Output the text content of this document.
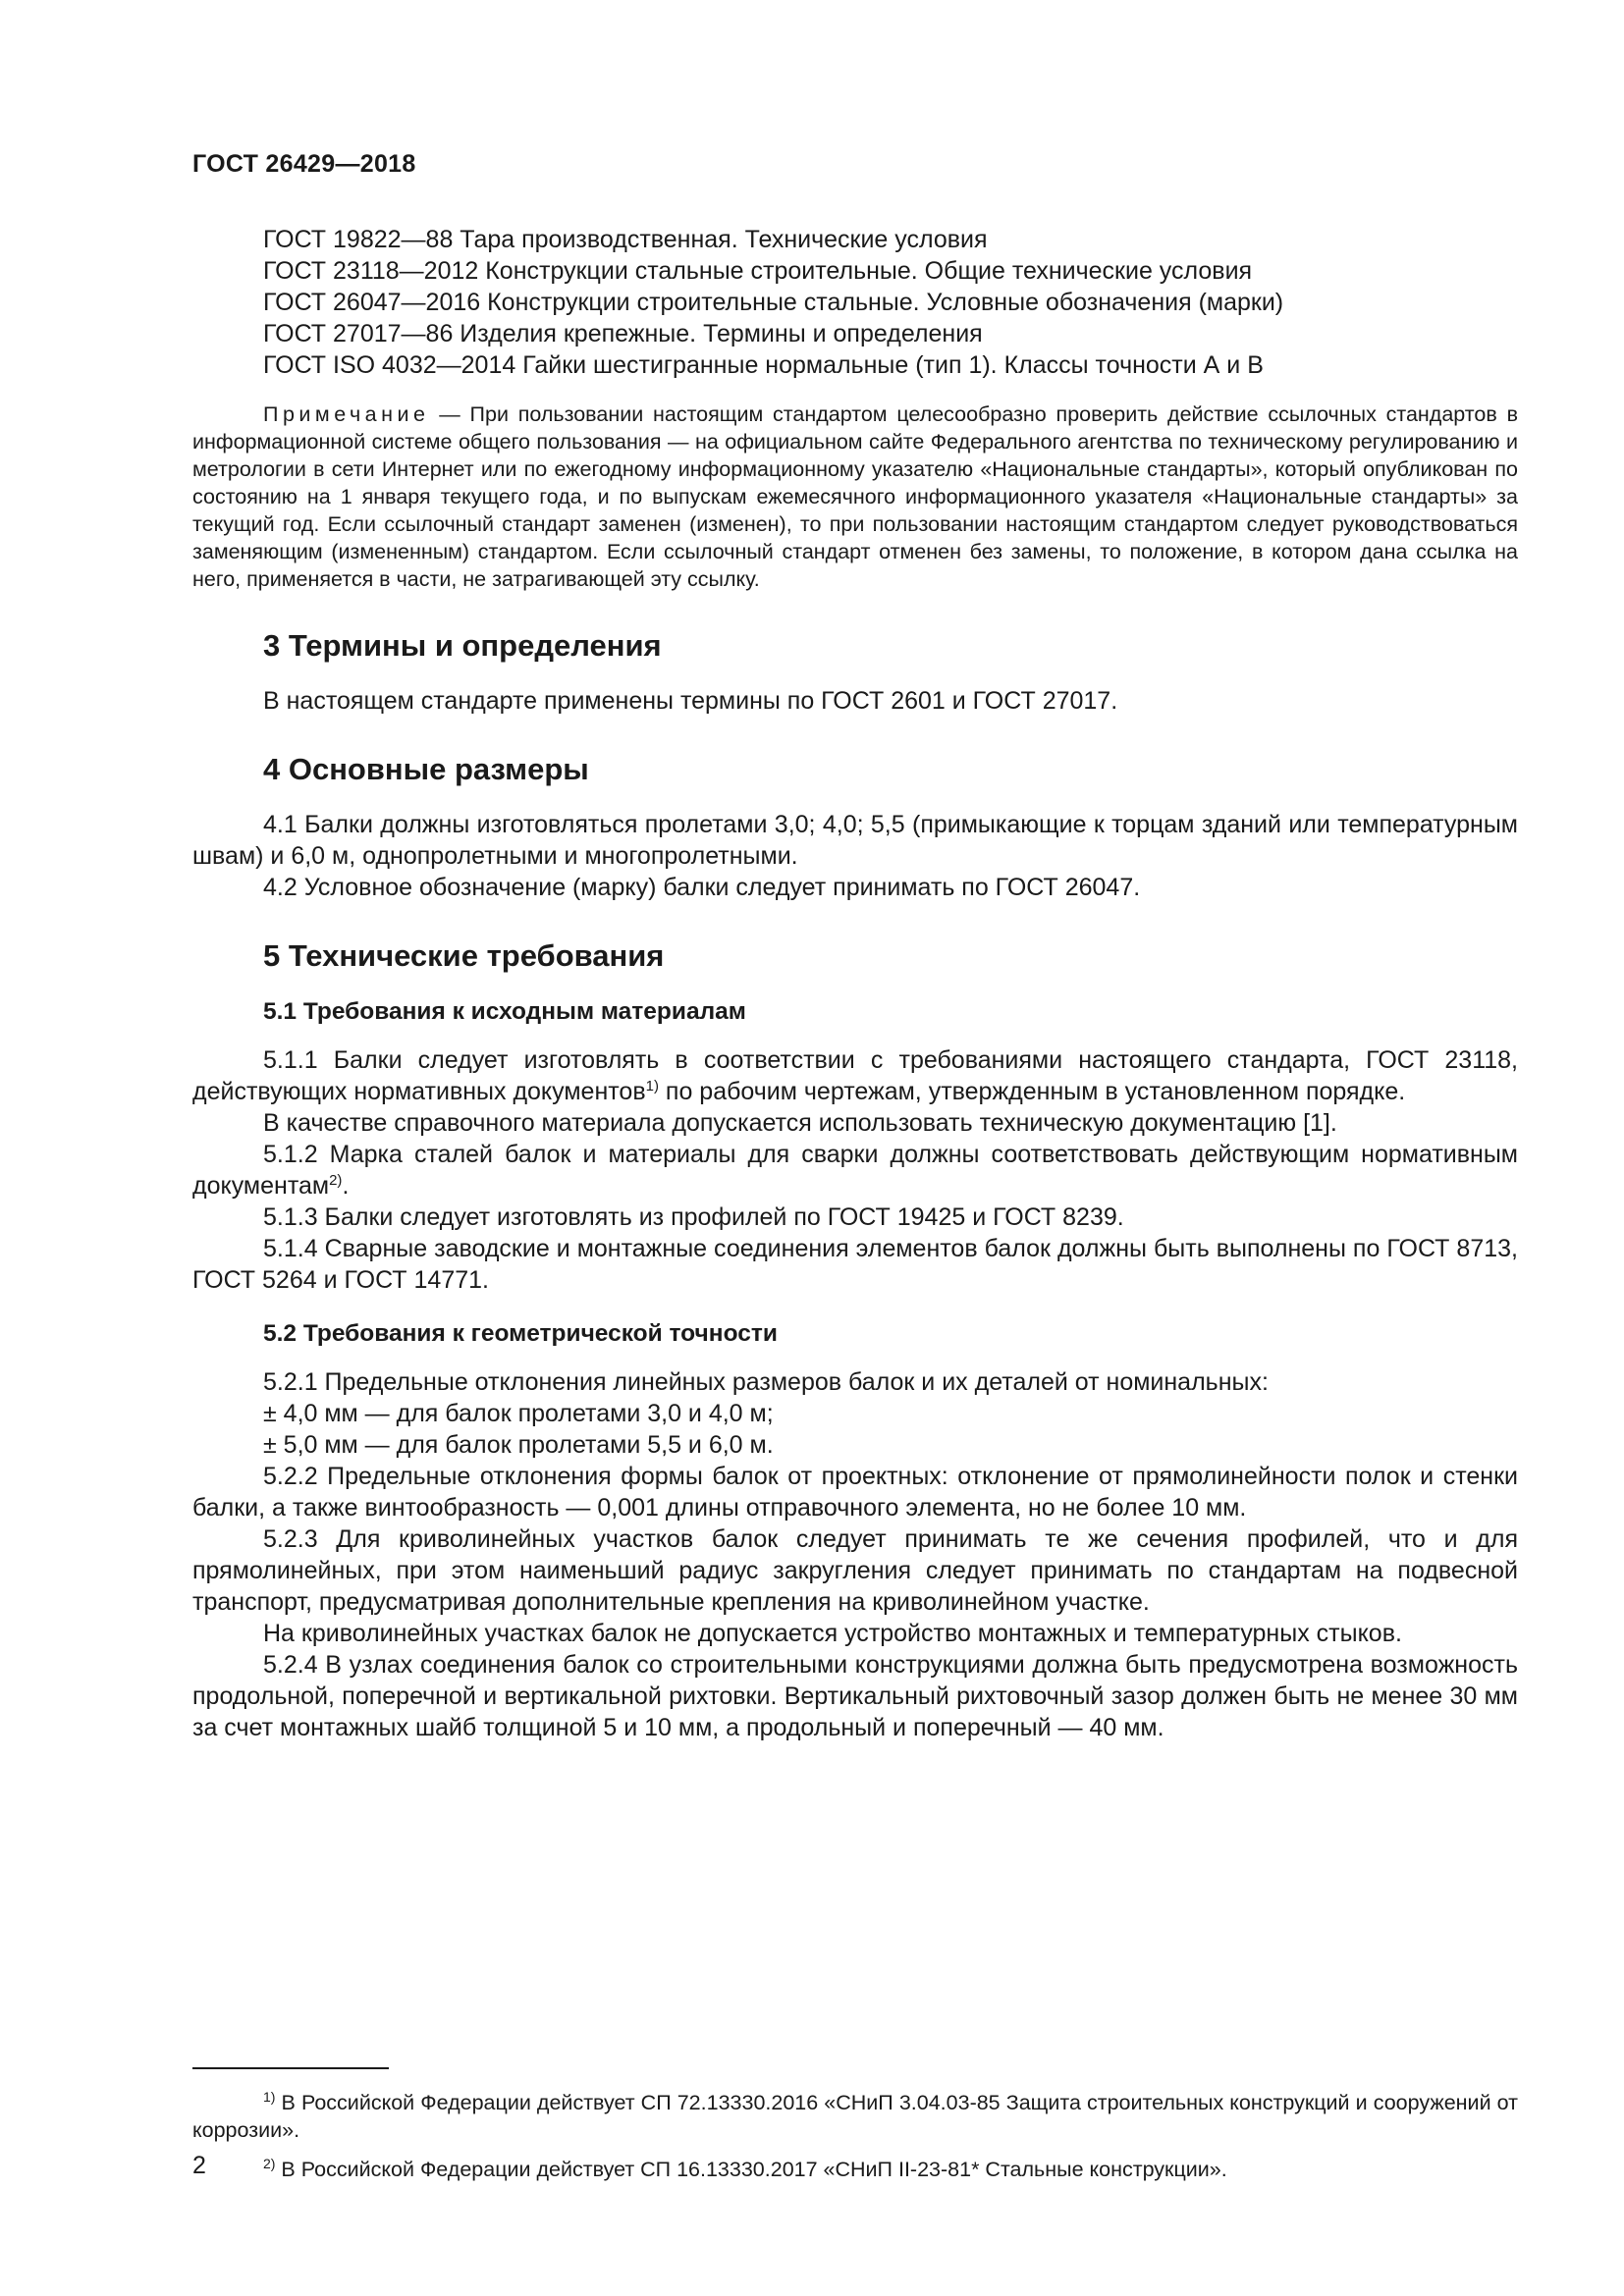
ГОСТ 26429—2018
ГОСТ 19822—88 Тара производственная. Технические условия
ГОСТ 23118—2012 Конструкции стальные строительные. Общие технические условия
ГОСТ 26047—2016 Конструкции строительные стальные. Условные обозначения (марки)
ГОСТ 27017—86 Изделия крепежные. Термины и определения
ГОСТ ISO 4032—2014 Гайки шестигранные нормальные (тип 1). Классы точности А и В

Примечание — При пользовании настоящим стандартом целесообразно проверить действие ссылочных стандартов в информационной системе общего пользования — на официальном сайте Федерального агентства по техническому регулированию и метрологии в сети Интернет или по ежегодному информационному указателю «Национальные стандарты», который опубликован по состоянию на 1 января текущего года, и по выпускам ежемесячного информационного указателя «Национальные стандарты» за текущий год. Если ссылочный стандарт заменен (изменен), то при пользовании настоящим стандартом следует руководствоваться заменяющим (измененным) стандартом. Если ссылочный стандарт отменен без замены, то положение, в котором дана ссылка на него, применяется в части, не затрагивающей эту ссылку.

3 Термины и определения

В настоящем стандарте применены термины по ГОСТ 2601 и ГОСТ 27017.

4 Основные размеры

4.1 Балки должны изготовляться пролетами 3,0; 4,0; 5,5 (примыкающие к торцам зданий или температурным швам) и 6,0 м, однопролетными и многопролетными.

4.2 Условное обозначение (марку) балки следует принимать по ГОСТ 26047.

5 Технические требования
5.1 Требования к исходным материалам

5.1.1 Балки следует изготовлять в соответствии с требованиями настоящего стандарта, ГОСТ 23118, действующих нормативных документов$^{1)}$ по рабочим чертежам, утвержденным в установленном порядке.

В качестве справочного материала допускается использовать техническую документацию [1].

5.1.2 Марка сталей балок и материалы для сварки должны соответствовать действующим нормативным документам$^{2)}$.

5.1.3 Балки следует изготовлять из профилей по ГОСТ 19425 и ГОСТ 8239.

5.1.4 Сварные заводские и монтажные соединения элементов балок должны быть выполнены по ГОСТ 8713, ГОСТ 5264 и ГОСТ 14771.

5.2 Требования к геометрической точности

5.2.1 Предельные отклонения линейных размеров балок и их деталей от номинальных:

± 4,0 мм — для балок пролетами 3,0 и 4,0 м;

± 5,0 мм — для балок пролетами 5,5 и 6,0 м.

5.2.2 Предельные отклонения формы балок от проектных: отклонение от прямолинейности полок и стенки балки, а также винтообразность — 0,001 длины отправочного элемента, но не более 10 мм.

5.2.3 Для криволинейных участков балок следует принимать те же сечения профилей, что и для прямолинейных, при этом наименьший радиус закругления следует принимать по стандартам на подвесной транспорт, предусматривая дополнительные крепления на криволинейном участке.

На криволинейных участках балок не допускается устройство монтажных и температурных стыков.

5.2.4 В узлах соединения балок со строительными конструкциями должна быть предусмотрена возможность продольной, поперечной и вертикальной рихтовки. Вертикальный рихтовочный зазор должен быть не менее 30 мм за счет монтажных шайб толщиной 5 и 10 мм, а продольный и поперечный — 40 мм.

$^{1)}$ В Российской Федерации действует СП 72.13330.2016 «СНиП 3.04.03-85 Защита строительных конструкций и сооружений от коррозии».

$^{2)}$ В Российской Федерации действует СП 16.13330.2017 «СНиП II-23-81* Стальные конструкции».

2
